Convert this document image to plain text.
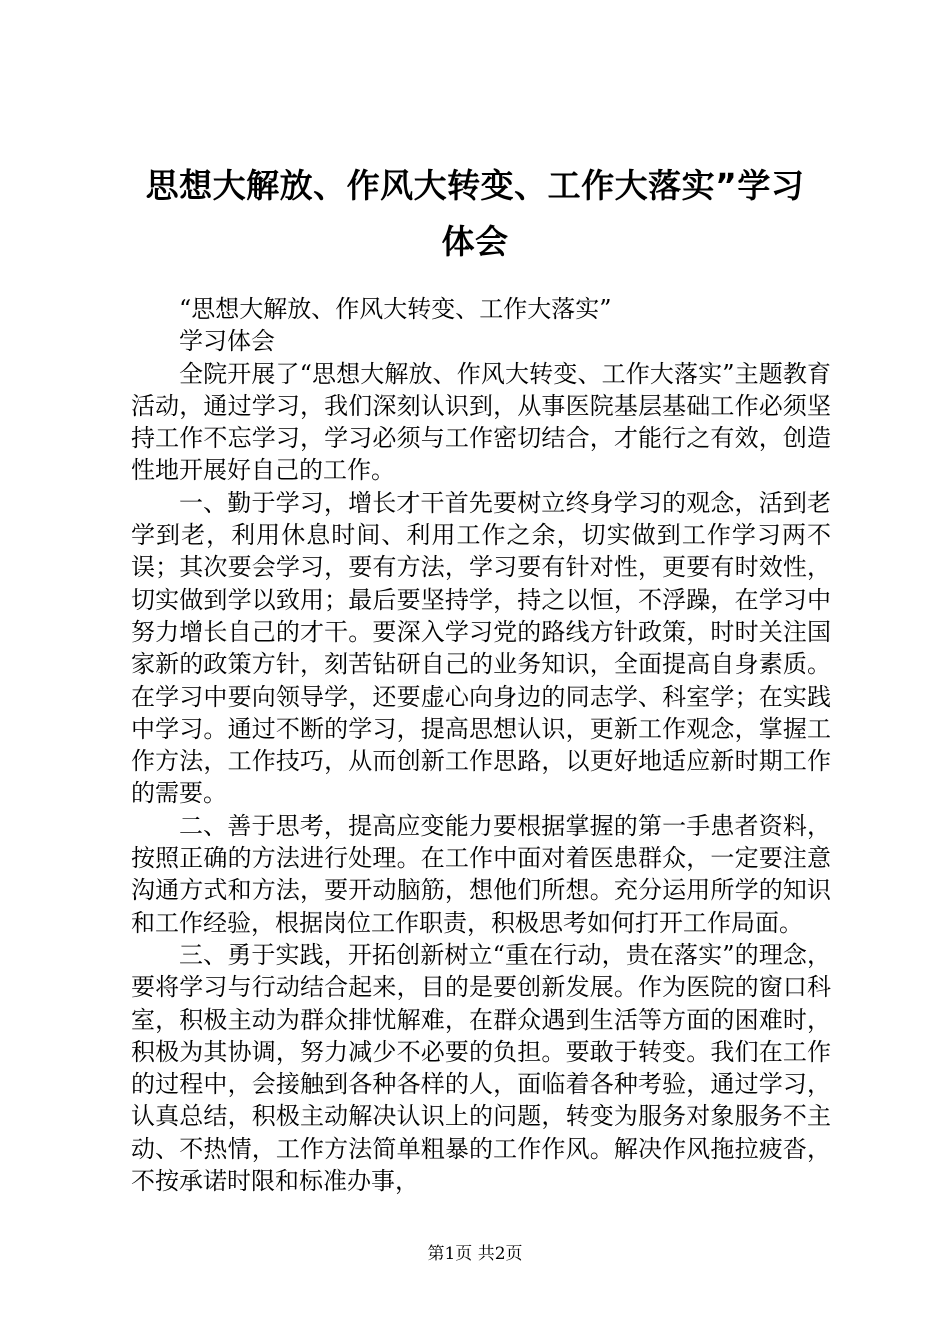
思想大解放、作风大转变、工作大落实”学习
体会

“思想大解放、作风大转变、工作大落实”

学习体会

全院开展了“思想大解放、作风大转变、工作大落实”主题教育活动，通过学习，我们深刻认识到，从事医院基层基础工作必须坚持工作不忘学习，学习必须与工作密切结合，才能行之有效，创造性地开展好自己的工作。

一、勤于学习，增长才干首先要树立终身学习的观念，活到老学到老，利用休息时间、利用工作之余，切实做到工作学习两不误；其次要会学习，要有方法，学习要有针对性，更要有时效性，切实做到学以致用；最后要坚持学，持之以恒，不浮躁，在学习中努力增长自己的才干。要深入学习党的路线方针政策，时时关注国家新的政策方针，刻苦钻研自己的业务知识，全面提高自身素质。在学习中要向领导学，还要虚心向身边的同志学、科室学；在实践中学习。通过不断的学习，提高思想认识，更新工作观念，掌握工作方法，工作技巧，从而创新工作思路，以更好地适应新时期工作的需要。

二、善于思考，提高应变能力要根据掌握的第一手患者资料，按照正确的方法进行处理。在工作中面对着医患群众，一定要注意沟通方式和方法，要开动脑筋，想他们所想。充分运用所学的知识和工作经验，根据岗位工作职责，积极思考如何打开工作局面。

三、勇于实践，开拓创新树立“重在行动，贵在落实”的理念，要将学习与行动结合起来，目的是要创新发展。作为医院的窗口科室，积极主动为群众排忧解难，在群众遇到生活等方面的困难时，积极为其协调，努力减少不必要的负担。要敢于转变。我们在工作的过程中，会接触到各种各样的人，面临着各种考验，通过学习，认真总结，积极主动解决认识上的问题，转变为服务对象服务不主动、不热情，工作方法简单粗暴的工作作风。解决作风拖拉疲沓，不按承诺时限和标准办事，

第1页 共2页
